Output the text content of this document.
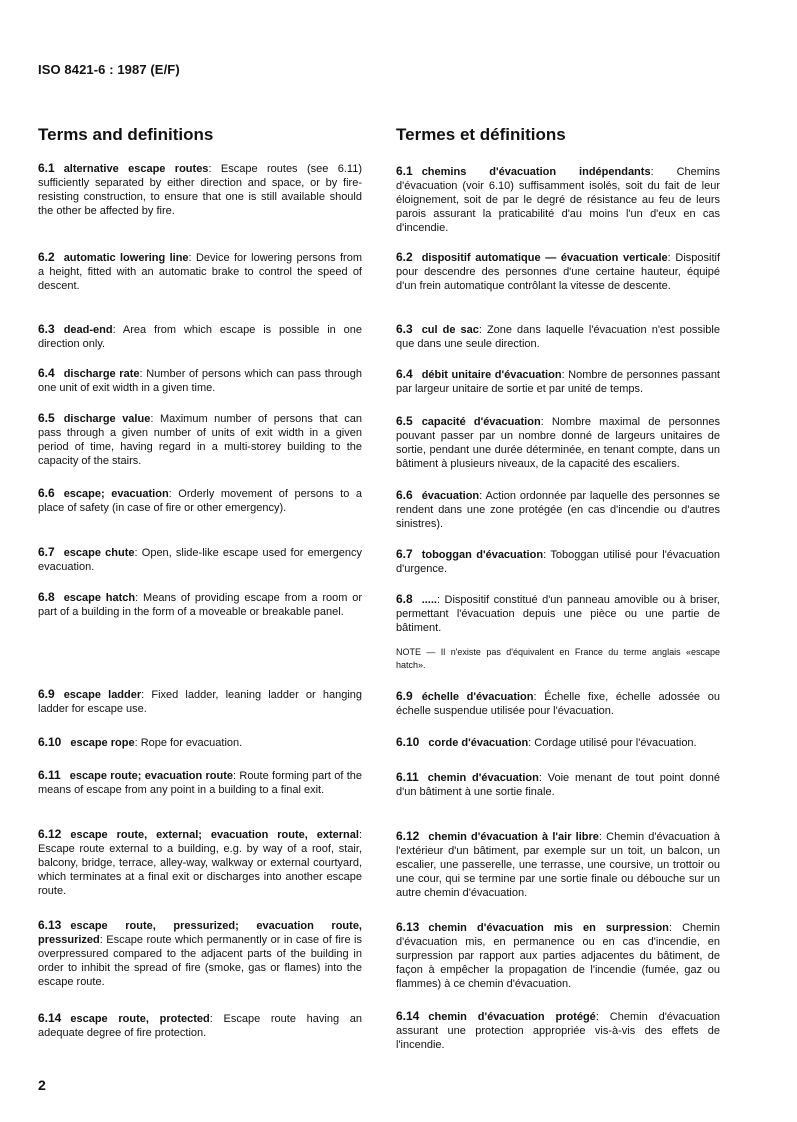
ISO 8421-6 : 1987 (E/F)
Terms and definitions	Termes et définitions

6.1 alternative escape routes: Escape routes (see 6.11) sufficiently separated by either direction and space, or by fire-resisting construction, to ensure that one is still available should the other be affected by fire.

6.2 automatic lowering line: Device for lowering persons from a height, fitted with an automatic brake to control the speed of descent.

6.3 dead-end: Area from which escape is possible in one direction only.

6.4 discharge rate: Number of persons which can pass through one unit of exit width in a given time.

6.5 discharge value: Maximum number of persons that can pass through a given number of units of exit width in a given period of time, having regard in a multi-storey building to the capacity of the stairs.

6.6 escape; evacuation: Orderly movement of persons to a place of safety (in case of fire or other emergency).

6.7 escape chute: Open, slide-like escape used for emergency evacuation.

6.8 escape hatch: Means of providing escape from a room or part of a building in the form of a moveable or breakable panel.

6.9 escape ladder: Fixed ladder, leaning ladder or hanging ladder for escape use.

6.10 escape rope: Rope for evacuation.

6.11 escape route; evacuation route: Route forming part of the means of escape from any point in a building to a final exit.

6.12 escape route, external; evacuation route, external: Escape route external to a building, e.g. by way of a roof, stair, balcony, bridge, terrace, alley-way, walkway or external courtyard, which terminates at a final exit or discharges into another escape route.

6.13 escape route, pressurized; evacuation route, pressurized: Escape route which permanently or in case of fire is overpressured compared to the adjacent parts of the building in order to inhibit the spread of fire (smoke, gas or flames) into the escape route.

6.14 escape route, protected: Escape route having an adequate degree of fire protection.

6.1 chemins d'évacuation indépendants: Chemins d'évacuation (voir 6.10) suffisamment isolés, soit du fait de leur éloignement, soit de par le degré de résistance au feu de leurs parois assurant la praticabilité d'au moins l'un d'eux en cas d'incendie.

6.2 dispositif automatique — évacuation verticale: Dispositif pour descendre des personnes d'une certaine hauteur, équipé d'un frein automatique contrôlant la vitesse de descente.

6.3 cul de sac: Zone dans laquelle l'évacuation n'est possible que dans une seule direction.

6.4 débit unitaire d'évacuation: Nombre de personnes passant par largeur unitaire de sortie et par unité de temps.

6.5 capacité d'évacuation: Nombre maximal de personnes pouvant passer par un nombre donné de largeurs unitaires de sortie, pendant une durée déterminée, en tenant compte, dans un bâtiment à plusieurs niveaux, de la capacité des escaliers.

6.6 évacuation: Action ordonnée par laquelle des personnes se rendent dans une zone protégée (en cas d'incendie ou d'autres sinistres).

6.7 toboggan d'évacuation: Toboggan utilisé pour l'évacuation d'urgence.

6.8 .....: Dispositif constitué d'un panneau amovible ou à briser, permettant l'évacuation depuis une pièce ou une partie de bâtiment.

NOTE — Il n'existe pas d'équivalent en France du terme anglais «escape hatch».

6.9 échelle d'évacuation: Échelle fixe, échelle adossée ou échelle suspendue utilisée pour l'évacuation.

6.10 corde d'évacuation: Cordage utilisé pour l'évacuation.

6.11 chemin d'évacuation: Voie menant de tout point donné d'un bâtiment à une sortie finale.

6.12 chemin d'évacuation à l'air libre: Chemin d'évacuation à l'extérieur d'un bâtiment, par exemple sur un toit, un balcon, un escalier, une passerelle, une terrasse, une coursive, un trottoir ou une cour, qui se termine par une sortie finale ou débouche sur un autre chemin d'évacuation.

6.13 chemin d'évacuation mis en surpression: Chemin d'évacuation mis, en permanence ou en cas d'incendie, en surpression par rapport aux parties adjacentes du bâtiment, de façon à empêcher la propagation de l'incendie (fumée, gaz ou flammes) à ce chemin d'évacuation.

6.14 chemin d'évacuation protégé: Chemin d'évacuation assurant une protection appropriée vis-à-vis des effets de l'incendie.

2
